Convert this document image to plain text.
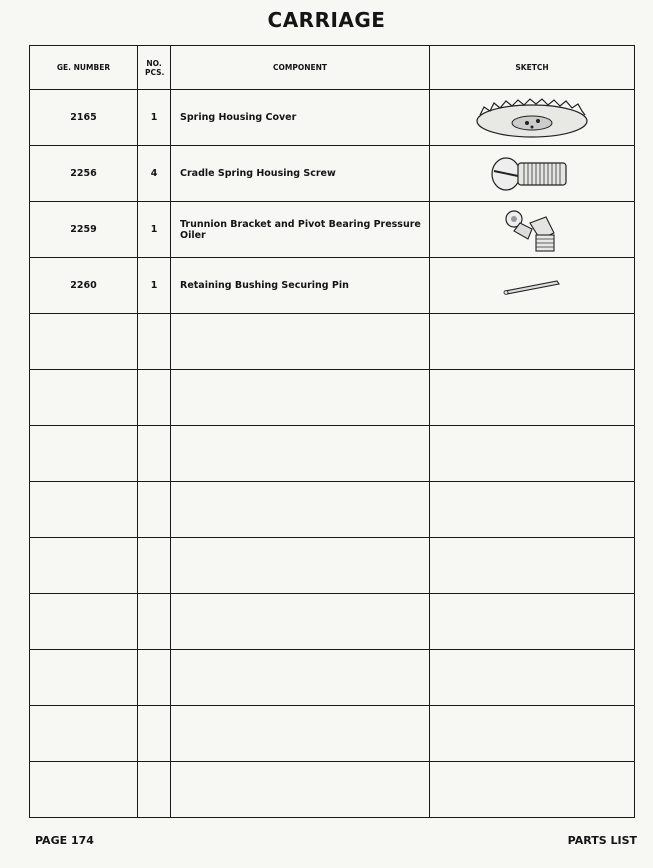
CARRIAGE
GE. NUMBER	NO. PCS.	COMPONENT	SKETCH
2165	1	Spring Housing Cover	

2256	4	Cradle Spring Housing Screw	

2259	1	Trunnion Bracket and Pivot Bearing Pressure Oiler	

2260	1	Retaining Bushing Securing Pin	

PAGE 174	PARTS LIST
